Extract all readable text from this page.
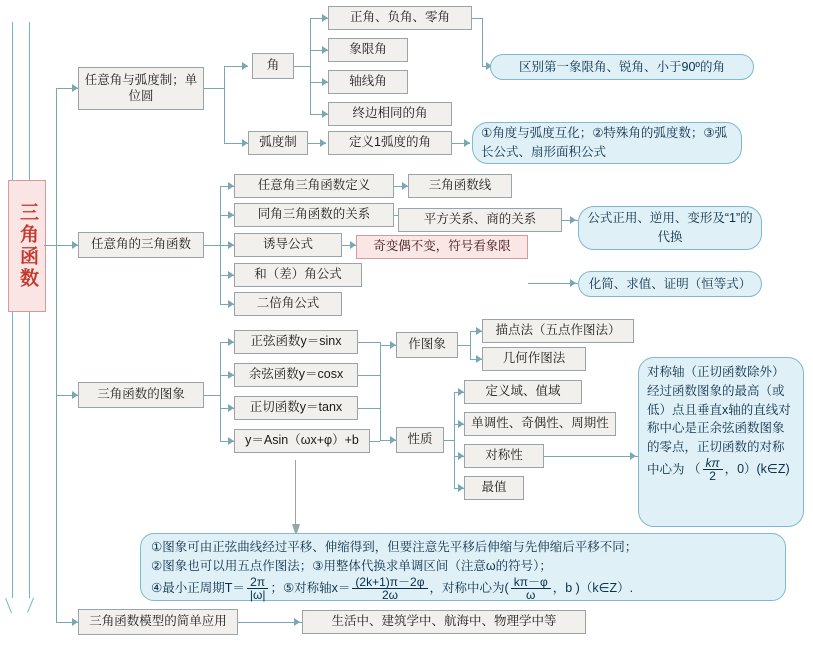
三角函数
任意角与弧度制；单位圆
任意角的三角函数
三角函数的图象
三角函数模型的简单应用
角
弧度制
正角、负角、零角
象限角
轴线角
终边相同的角
区别第一象限角、锐角、小于90º的角
定义1弧度的角
①角度与弧度互化；②特殊角的弧度数；③弧长公式、扇形面积公式
任意角三角函数定义
同角三角函数的关系
诱导公式
和（差）角公式
二倍角公式
三角函数线
平方关系、商的关系
奇变偶不变，符号看象限
公式正用、逆用、变形及“1”的代换
化简、求值、证明（恒等式）
正弦函数y＝sinx
余弦函数y＝cosx
正切函数y＝tanx
y＝Asin（ωx+φ）+b
作图象
性质
描点法（五点作图法）
几何作图法
定义域、值域
单调性、奇偶性、周期性
对称性
最值
对称轴（正切函数除外）经过函数图象的最高（或低）点且垂直x轴的直线对称中心是正余弦函数图象的零点，正切函数的对称中心为 （ $\frac{k\pi}{2}$ ，0）(k∈Z)
①图象可由正弦曲线经过平移、伸缩得到，但要注意先平移后伸缩与先伸缩后平移不同；
②图象也可以用五点作图法；③用整体代换求单调区间（注意ω的符号）；
④最小正周期$T= \frac{2\pi}{|\omega|}$ ；⑤对称轴$x= \frac{(2k+1)\pi-2\varphi}{2\omega}$ ，对称中心为( $\frac{k\pi-\varphi}{\omega}$ ，b )（k∈Z）.
生活中、建筑学中、航海中、物理学中等
